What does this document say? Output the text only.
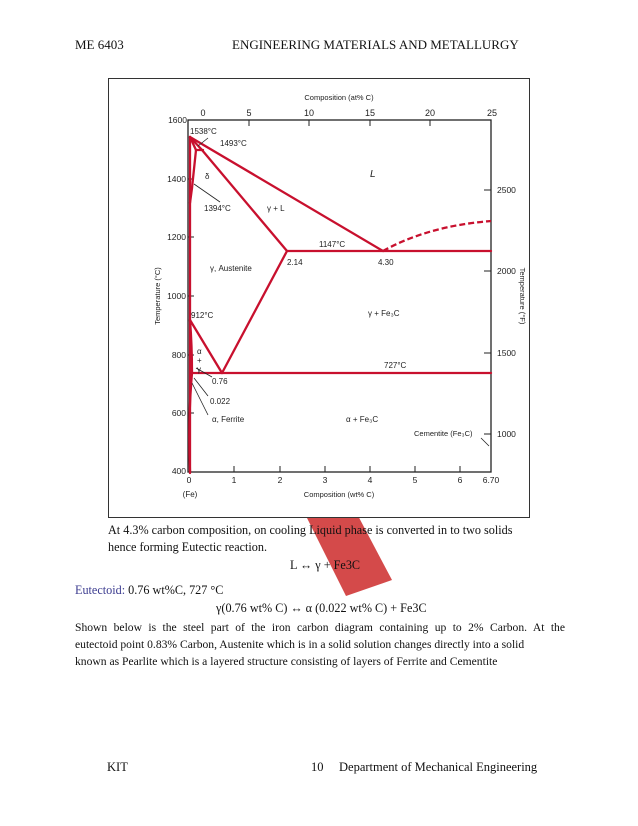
ME 6403	ENGINEERING MATERIALS AND METALLURGY
Composition (at% C)
0	5	10	15	20	25
Temperature (°C)
1600
1400
1200
1000
800
600
400
Temperature (°F)
2500
2000
1500
1000
0	1	2	3	4	5	6 6.70
(Fe)	Composition (wt% C)
1538°C
1493°C
δ
1394°C	γ + L
L
1147°C
2.14	4.30
γ, Austenite
γ + Fe₃C
912°C
α
+
γ	727°C
0.76
0.022
α, Ferrite	α + Fe₃C
Cementite (Fe₃C)
At 4.3% carbon composition, on cooling Liquid phase is converted in to two solids
hence forming Eutectic reaction.
L ↔ γ + Fe3C
Eutectoid: 0.76 wt%C, 727 °C
γ(0.76 wt% C) ↔ α (0.022 wt% C) + Fe3C
Shown below is the steel part of the iron carbon diagram containing up to 2% Carbon. At the
eutectoid point 0.83% Carbon, Austenite which is in a solid solution changes directly into a solid
known as Pearlite which is a layered structure consisting of layers of Ferrite and Cementite
KIT	10 Department of Mechanical Engineering
